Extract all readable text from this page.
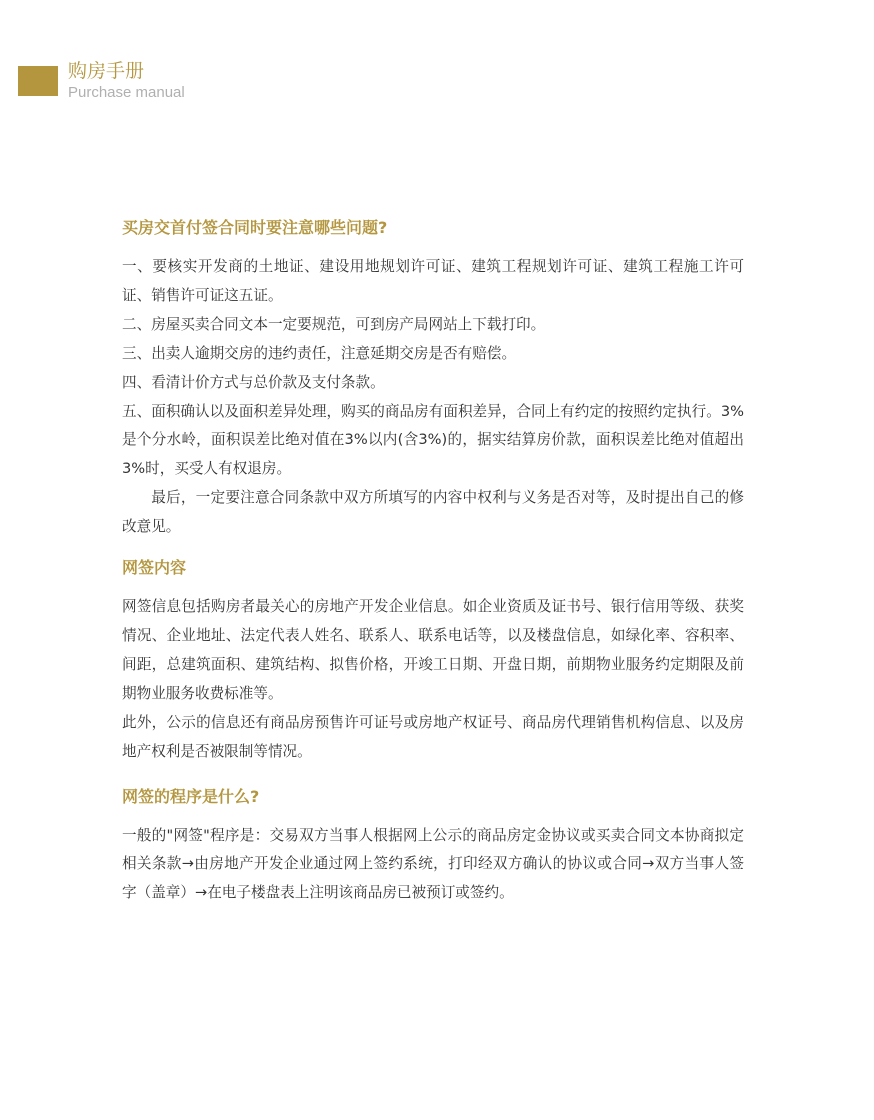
购房手册
Purchase manual
买房交首付签合同时要注意哪些问题?

一、要核实开发商的土地证、建设用地规划许可证、建筑工程规划许可证、建筑工程施工许可证、销售许可证这五证。

二、房屋买卖合同文本一定要规范，可到房产局网站上下载打印。

三、出卖人逾期交房的违约责任，注意延期交房是否有赔偿。

四、看清计价方式与总价款及支付条款。

五、面积确认以及面积差异处理，购买的商品房有面积差异，合同上有约定的按照约定执行。3%是个分水岭，面积误差比绝对值在3%以内(含3%)的，据实结算房价款，面积误差比绝对值超出3%时，买受人有权退房。

最后，一定要注意合同条款中双方所填写的内容中权利与义务是否对等，及时提出自己的修改意见。

网签内容

网签信息包括购房者最关心的房地产开发企业信息。如企业资质及证书号、银行信用等级、获奖情况、企业地址、法定代表人姓名、联系人、联系电话等，以及楼盘信息，如绿化率、容积率、间距，总建筑面积、建筑结构、拟售价格，开竣工日期、开盘日期，前期物业服务约定期限及前期物业服务收费标准等。

此外，公示的信息还有商品房预售许可证号或房地产权证号、商品房代理销售机构信息、以及房地产权利是否被限制等情况。

网签的程序是什么?

一般的"网签"程序是：交易双方当事人根据网上公示的商品房定金协议或买卖合同文本协商拟定相关条款→由房地产开发企业通过网上签约系统，打印经双方确认的协议或合同→双方当事人签字（盖章）→在电子楼盘表上注明该商品房已被预订或签约。
